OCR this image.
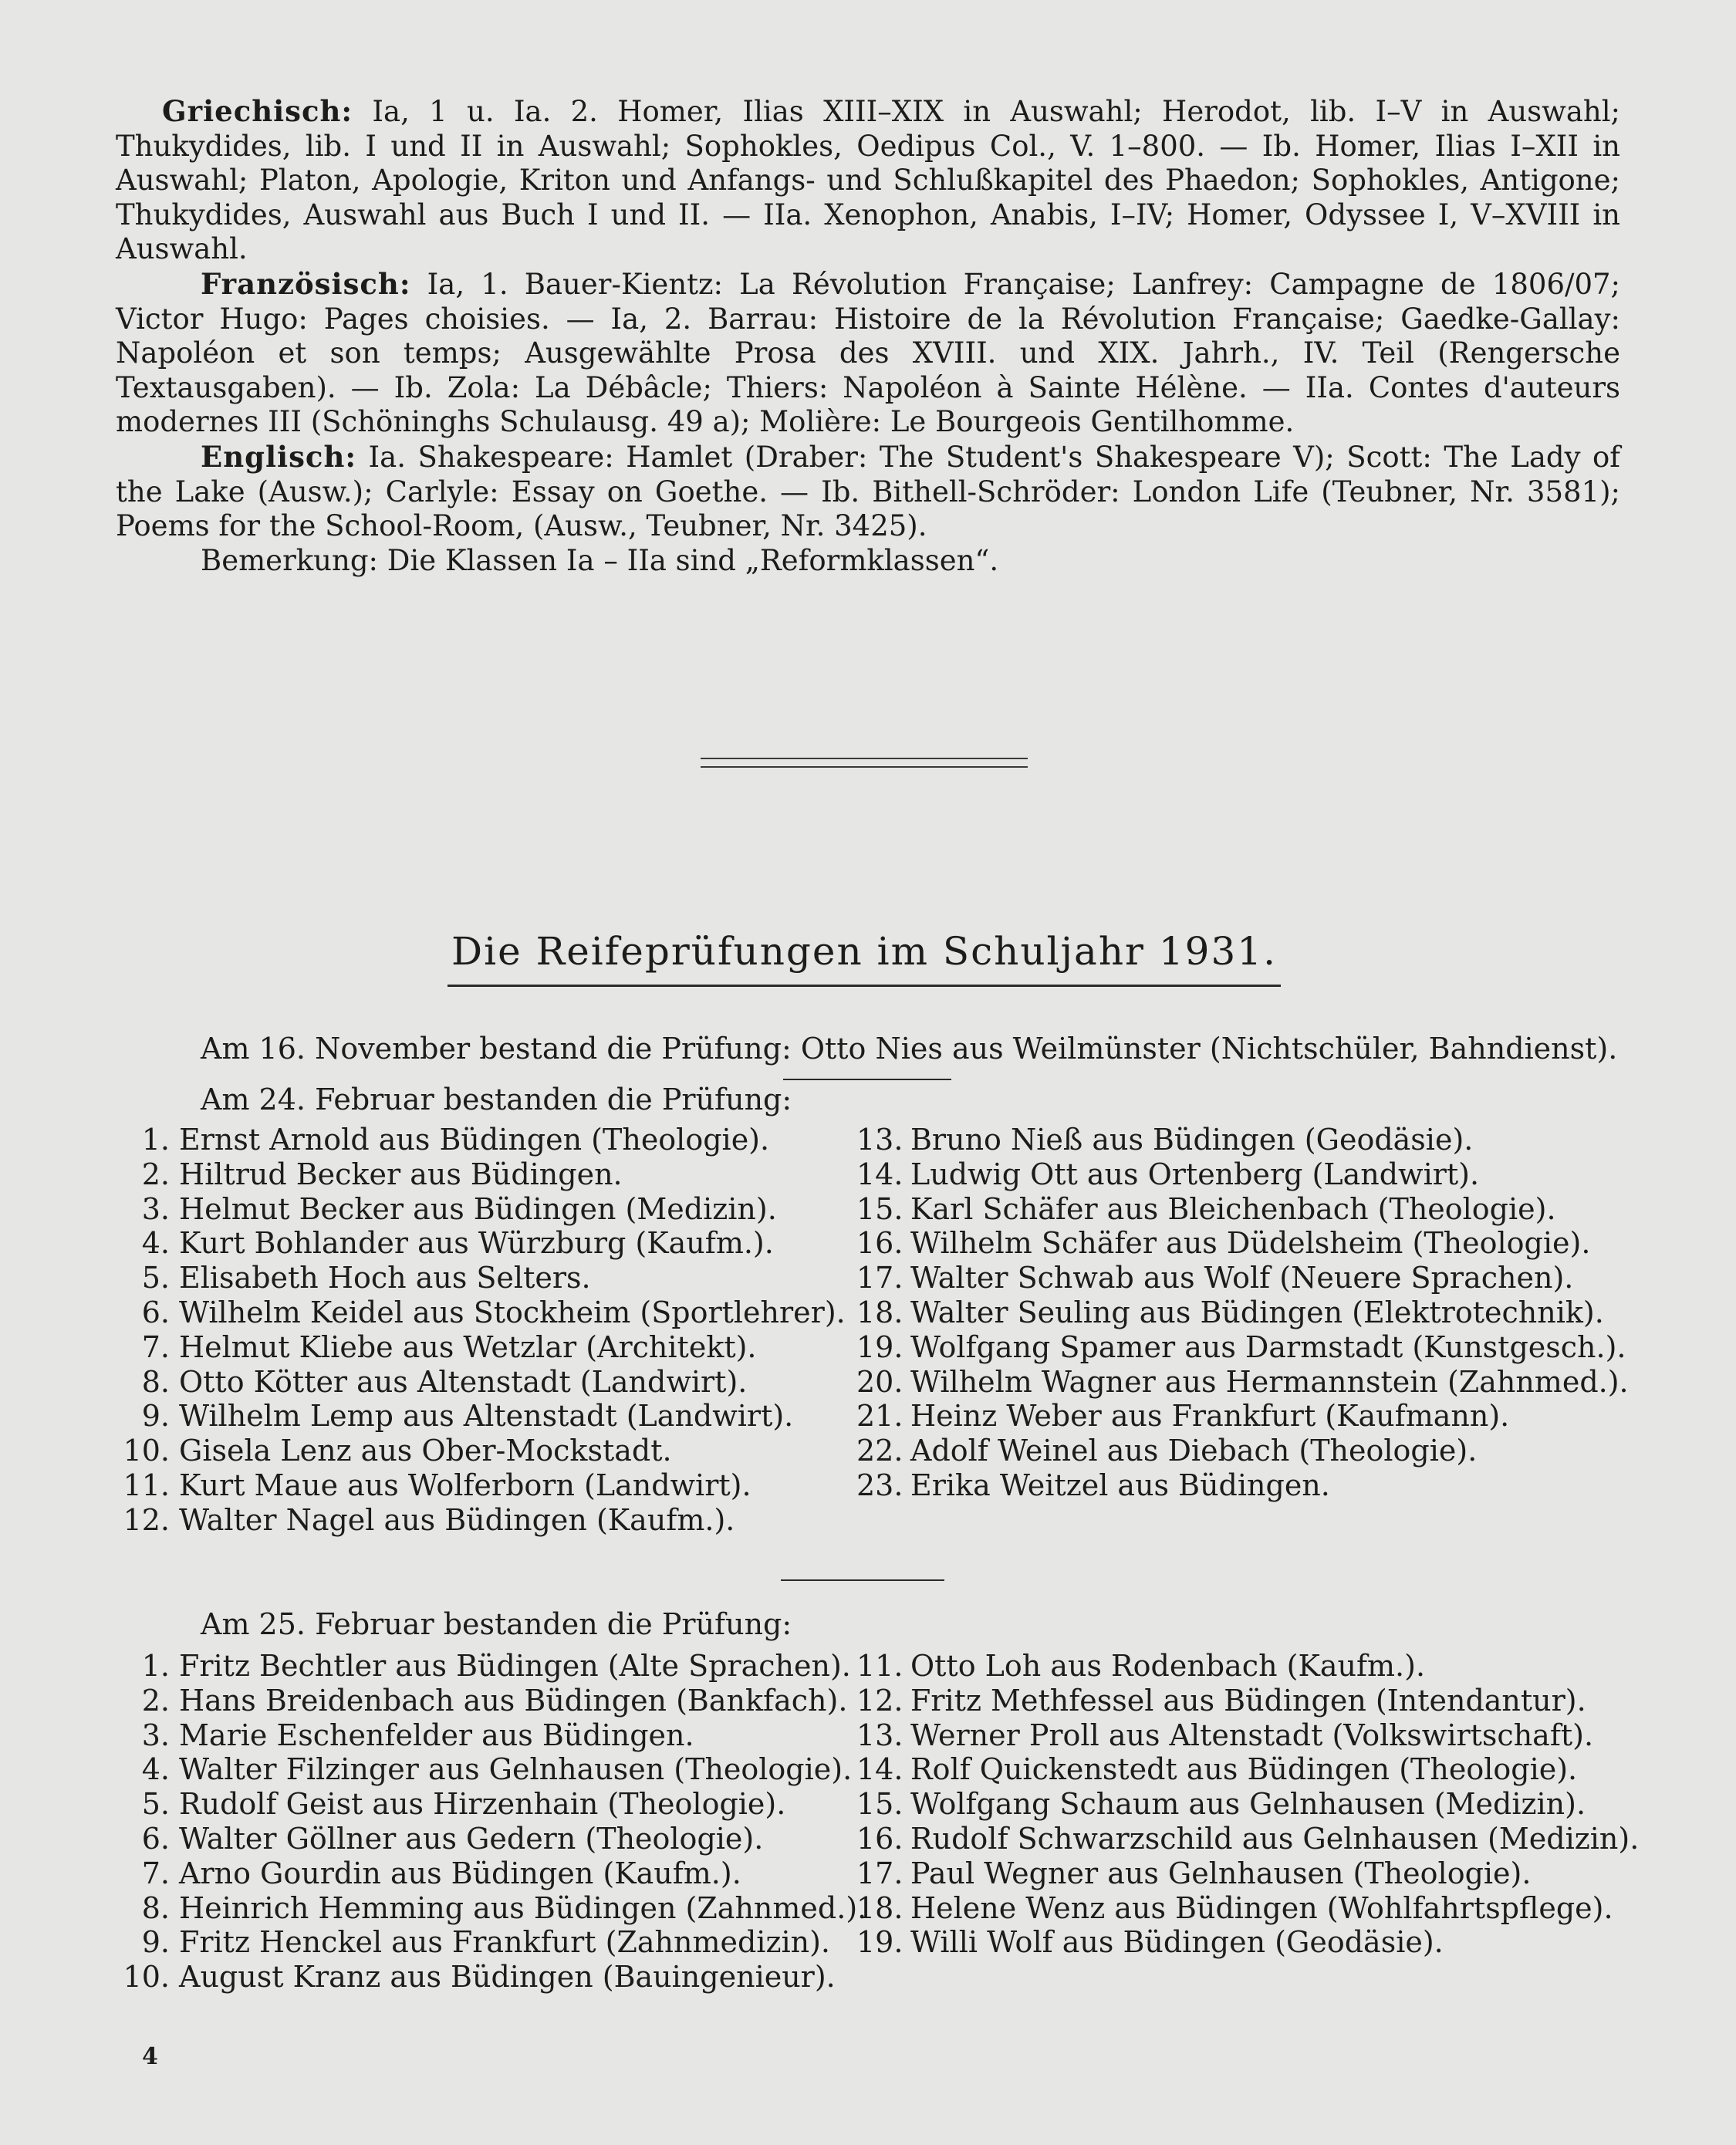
Griechisch: Ia, 1 u. Ia. 2. Homer, Ilias XIII–XIX in Auswahl; Herodot, lib. I–V in Auswahl; Thukydides, lib. I und II in Auswahl; Sophokles, Oedipus Col., V. 1–800. — Ib. Homer, Ilias I–XII in Auswahl; Platon, Apologie, Kriton und Anfangs- und Schlußkapitel des Phaedon; Sophokles, Antigone; Thukydides, Auswahl aus Buch I und II. — IIa. Xenophon, Anabis, I–IV; Homer, Odyssee I, V–XVIII in Auswahl.

Französisch: Ia, 1. Bauer-Kientz: La Révolution Française; Lanfrey: Campagne de 1806/07; Victor Hugo: Pages choisies. — Ia, 2. Barrau: Histoire de la Révolution Française; Gaedke-Gallay: Napoléon et son temps; Ausgewählte Prosa des XVIII. und XIX. Jahrh., IV. Teil (Rengersche Textausgaben). — Ib. Zola: La Débâcle; Thiers: Napoléon à Sainte Hélène. — IIa. Contes d'auteurs modernes III (Schöninghs Schulausg. 49 a); Molière: Le Bourgeois Gentilhomme.

Englisch: Ia. Shakespeare: Hamlet (Draber: The Student's Shakespeare V); Scott: The Lady of the Lake (Ausw.); Carlyle: Essay on Goethe. — Ib. Bithell-Schröder: London Life (Teubner, Nr. 3581); Poems for the School-Room, (Ausw., Teubner, Nr. 3425).

Bemerkung: Die Klassen Ia – IIa sind „Reformklassen“.

Die Reifeprüfungen im Schuljahr 1931.
Am 16. November bestand die Prüfung: Otto Nies aus Weilmünster (Nichtschüler, Bahndienst).
Am 24. Februar bestanden die Prüfung:
1. Ernst Arnold aus Büdingen (Theologie).
2. Hiltrud Becker aus Büdingen.
3. Helmut Becker aus Büdingen (Medizin).
4. Kurt Bohlander aus Würzburg (Kaufm.).
5. Elisabeth Hoch aus Selters.
6. Wilhelm Keidel aus Stockheim (Sportlehrer).
7. Helmut Kliebe aus Wetzlar (Architekt).
8. Otto Kötter aus Altenstadt (Landwirt).
9. Wilhelm Lemp aus Altenstadt (Landwirt).
10. Gisela Lenz aus Ober-Mockstadt.
11. Kurt Maue aus Wolferborn (Landwirt).
12. Walter Nagel aus Büdingen (Kaufm.).
13. Bruno Nieß aus Büdingen (Geodäsie).
14. Ludwig Ott aus Ortenberg (Landwirt).
15. Karl Schäfer aus Bleichenbach (Theologie).
16. Wilhelm Schäfer aus Düdelsheim (Theologie).
17. Walter Schwab aus Wolf (Neuere Sprachen).
18. Walter Seuling aus Büdingen (Elektrotechnik).
19. Wolfgang Spamer aus Darmstadt (Kunstgesch.).
20. Wilhelm Wagner aus Hermannstein (Zahnmed.).
21. Heinz Weber aus Frankfurt (Kaufmann).
22. Adolf Weinel aus Diebach (Theologie).
23. Erika Weitzel aus Büdingen.
Am 25. Februar bestanden die Prüfung:
1. Fritz Bechtler aus Büdingen (Alte Sprachen).
2. Hans Breidenbach aus Büdingen (Bankfach).
3. Marie Eschenfelder aus Büdingen.
4. Walter Filzinger aus Gelnhausen (Theologie).
5. Rudolf Geist aus Hirzenhain (Theologie).
6. Walter Göllner aus Gedern (Theologie).
7. Arno Gourdin aus Büdingen (Kaufm.).
8. Heinrich Hemming aus Büdingen (Zahnmed.).
9. Fritz Henckel aus Frankfurt (Zahnmedizin).
10. August Kranz aus Büdingen (Bauingenieur).
11. Otto Loh aus Rodenbach (Kaufm.).
12. Fritz Methfessel aus Büdingen (Intendantur).
13. Werner Proll aus Altenstadt (Volkswirtschaft).
14. Rolf Quickenstedt aus Büdingen (Theologie).
15. Wolfgang Schaum aus Gelnhausen (Medizin).
16. Rudolf Schwarzschild aus Gelnhausen (Medizin).
17. Paul Wegner aus Gelnhausen (Theologie).
18. Helene Wenz aus Büdingen (Wohlfahrtspflege).
19. Willi Wolf aus Büdingen (Geodäsie).
4
